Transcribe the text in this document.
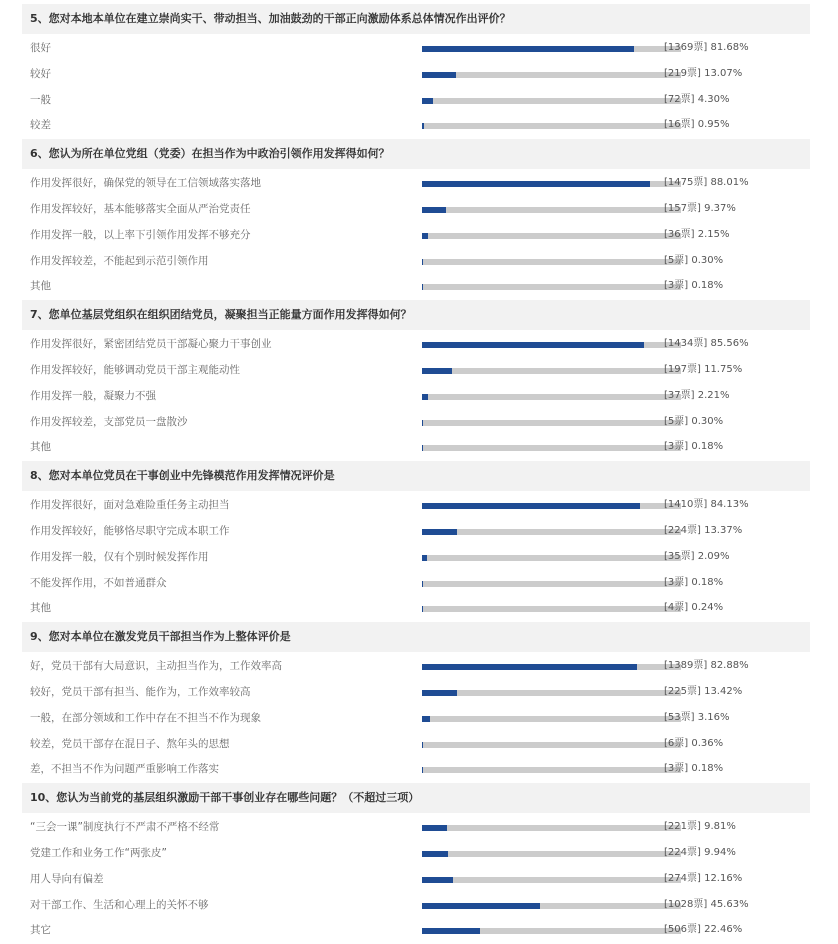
5、您对本地本单位在建立崇尚实干、带动担当、加油鼓劲的干部正向激励体系总体情况作出评价？
很好	[1369票] 81.68%
较好	[219票] 13.07%
一般	[72票] 4.30%
较差	[16票] 0.95%
6、您认为所在单位党组（党委）在担当作为中政治引领作用发挥得如何？
作用发挥很好，确保党的领导在工信领域落实落地	[1475票] 88.01%
作用发挥较好，基本能够落实全面从严治党责任	[157票] 9.37%
作用发挥一般，以上率下引领作用发挥不够充分	[36票] 2.15%
作用发挥较差，不能起到示范引领作用	[5票] 0.30%
其他	[3票] 0.18%
7、您单位基层党组织在组织团结党员，凝聚担当正能量方面作用发挥得如何？
作用发挥很好，紧密团结党员干部凝心聚力干事创业	[1434票] 85.56%
作用发挥较好，能够调动党员干部主观能动性	[197票] 11.75%
作用发挥一般，凝聚力不强	[37票] 2.21%
作用发挥较差，支部党员一盘散沙	[5票] 0.30%
其他	[3票] 0.18%
8、您对本单位党员在干事创业中先锋模范作用发挥情况评价是
作用发挥很好，面对急难险重任务主动担当	[1410票] 84.13%
作用发挥较好，能够恪尽职守完成本职工作	[224票] 13.37%
作用发挥一般，仅有个别时候发挥作用	[35票] 2.09%
不能发挥作用，不如普通群众	[3票] 0.18%
其他	[4票] 0.24%
9、您对本单位在激发党员干部担当作为上整体评价是
好，党员干部有大局意识，主动担当作为，工作效率高	[1389票] 82.88%
较好，党员干部有担当、能作为，工作效率较高	[225票] 13.42%
一般，在部分领域和工作中存在不担当不作为现象	[53票] 3.16%
较差，党员干部存在混日子、熬年头的思想	[6票] 0.36%
差，不担当不作为问题严重影响工作落实	[3票] 0.18%
10、您认为当前党的基层组织激励干部干事创业存在哪些问题？（不超过三项）
“三会一课”制度执行不严肃不严格不经常	[221票] 9.81%
党建工作和业务工作“两张皮”	[224票] 9.94%
用人导向有偏差	[274票] 12.16%
对干部工作、生活和心理上的关怀不够	[1028票] 45.63%
其它	[506票] 22.46%
